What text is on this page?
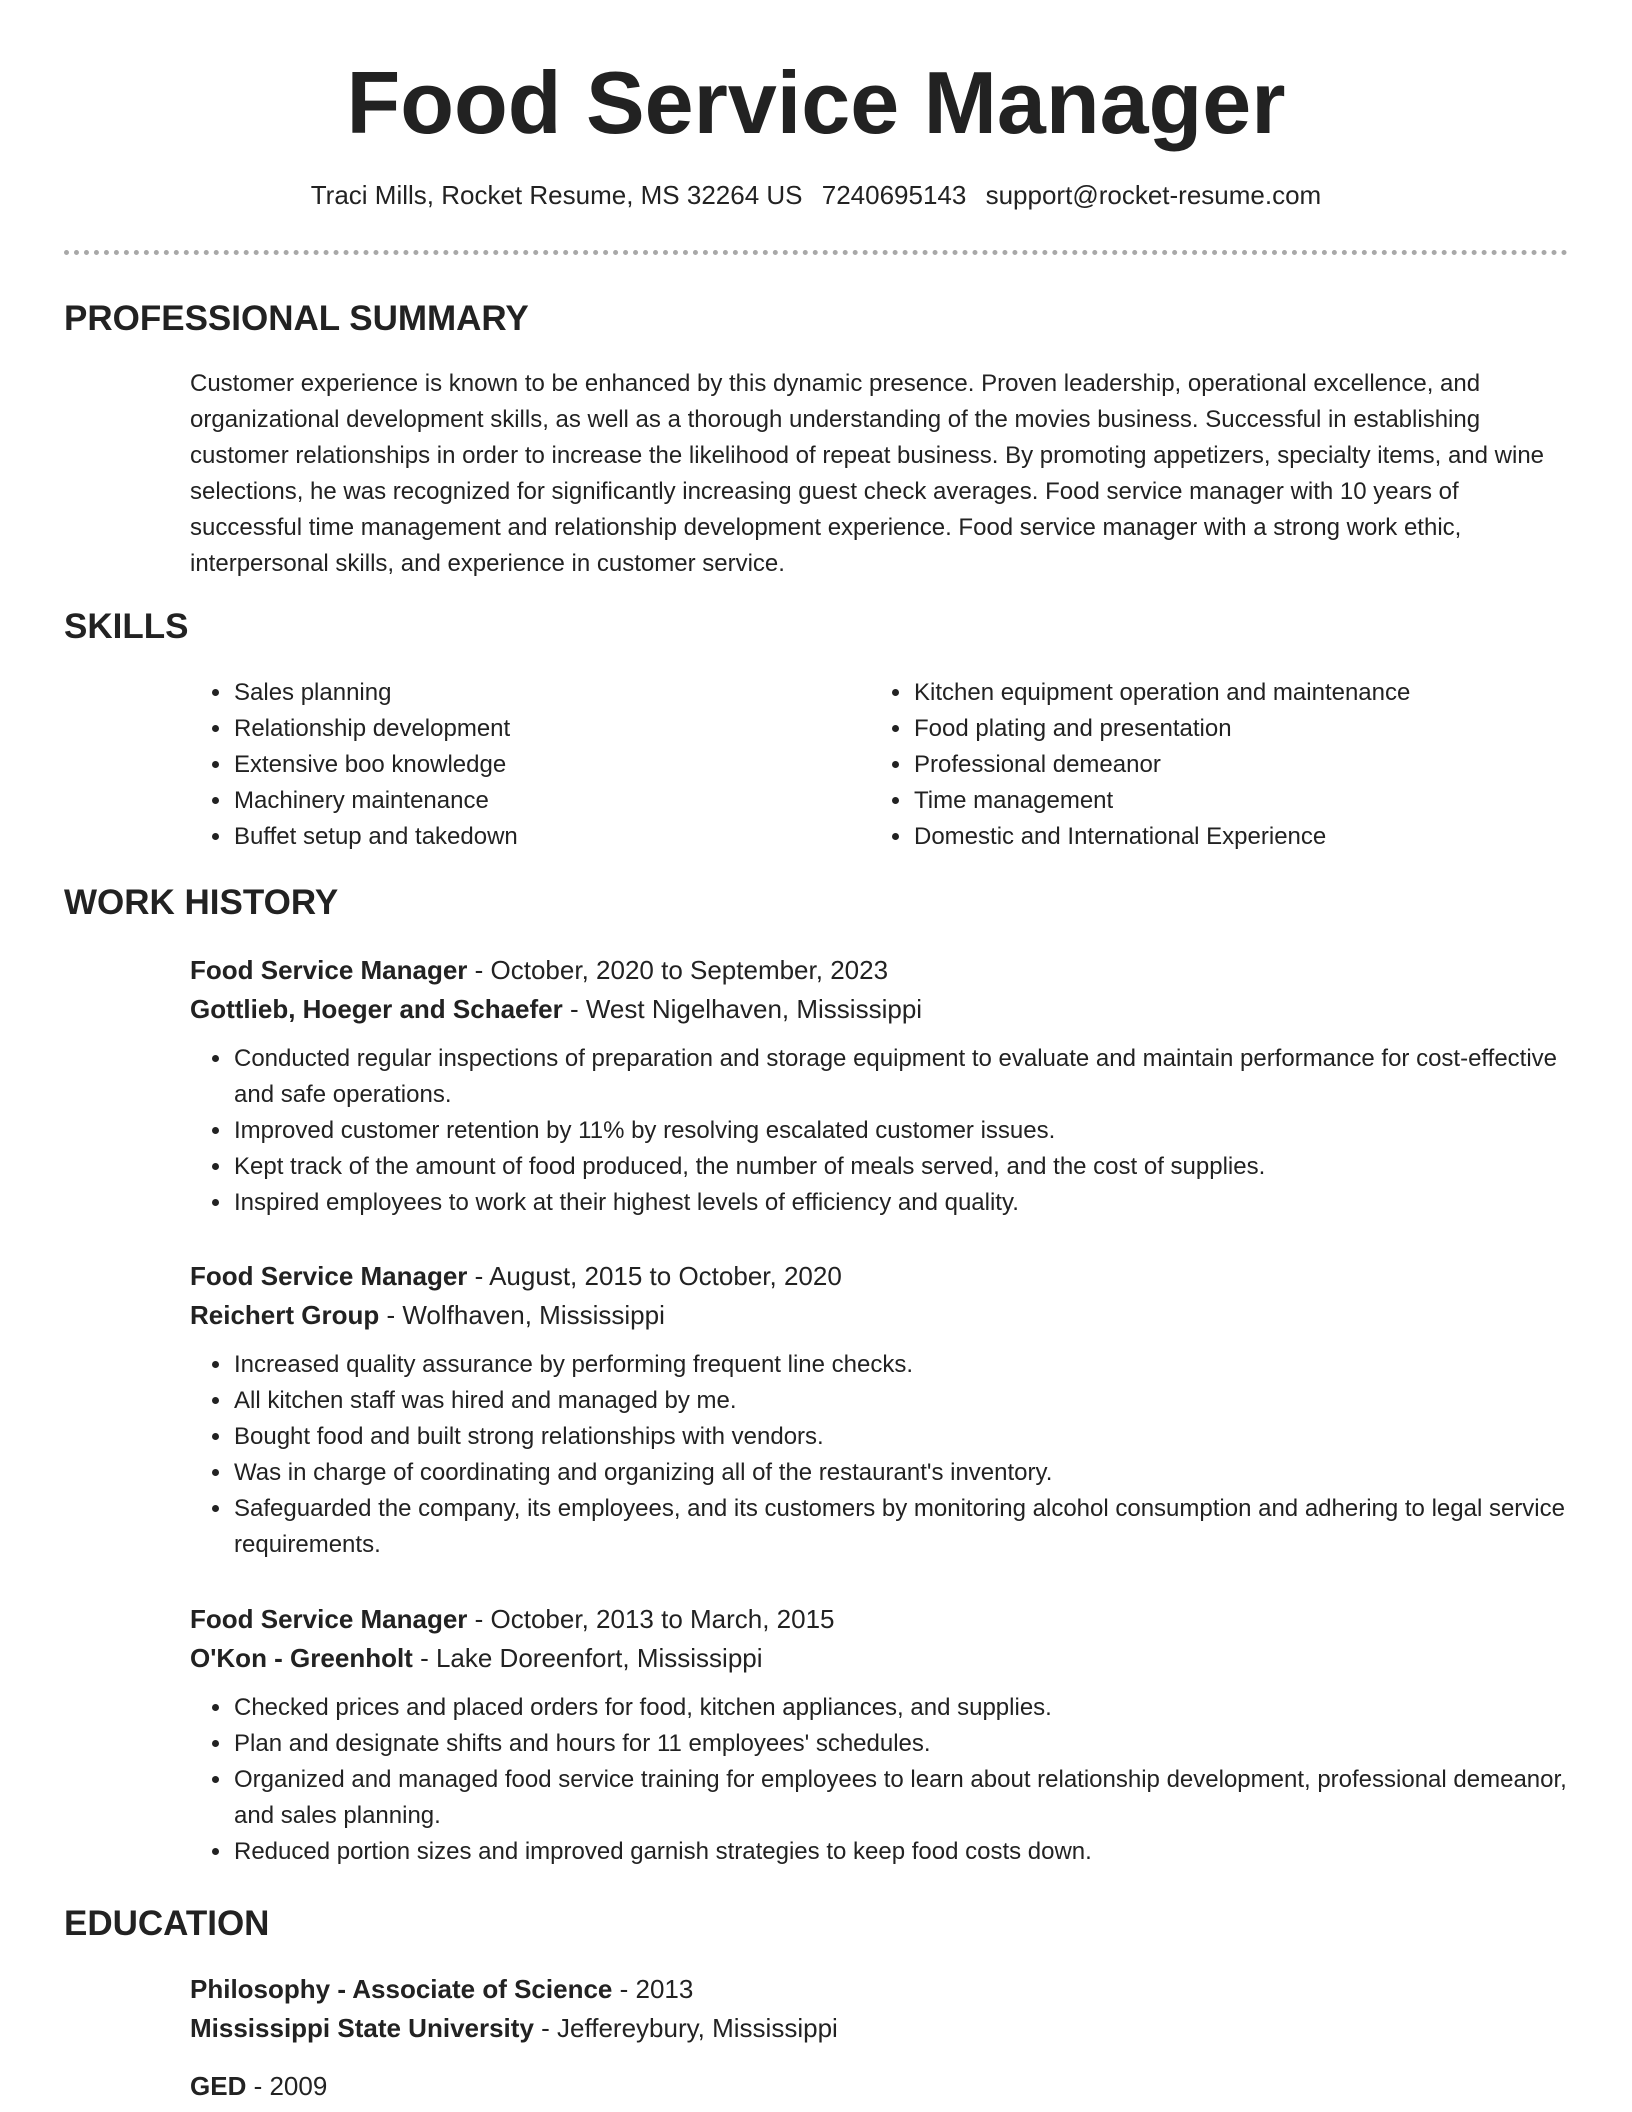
Food Service Manager
Traci Mills, Rocket Resume, MS 32264 US 7240695143 support@rocket-resume.com
PROFESSIONAL SUMMARY

Customer experience is known to be enhanced by this dynamic presence. Proven leadership, operational excellence, and organizational development skills, as well as a thorough understanding of the movies business. Successful in establishing customer relationships in order to increase the likelihood of repeat business. By promoting appetizers, specialty items, and wine selections, he was recognized for significantly increasing guest check averages. Food service manager with 10 years of successful time management and relationship development experience. Food service manager with a strong work ethic, interpersonal skills, and experience in customer service.

SKILLS
• Sales planning
• Relationship development
• Extensive boo knowledge
• Machinery maintenance
• Buffet setup and takedown
• Kitchen equipment operation and maintenance
• Food plating and presentation
• Professional demeanor
• Time management
• Domestic and International Experience
WORK HISTORY
Food Service Manager - October, 2020 to September, 2023
Gottlieb, Hoeger and Schaefer - West Nigelhaven, Mississippi
• Conducted regular inspections of preparation and storage equipment to evaluate and maintain performance for cost-effective and safe operations.
• Improved customer retention by 11% by resolving escalated customer issues.
• Kept track of the amount of food produced, the number of meals served, and the cost of supplies.
• Inspired employees to work at their highest levels of efficiency and quality.
Food Service Manager - August, 2015 to October, 2020
Reichert Group - Wolfhaven, Mississippi
• Increased quality assurance by performing frequent line checks.
• All kitchen staff was hired and managed by me.
• Bought food and built strong relationships with vendors.
• Was in charge of coordinating and organizing all of the restaurant's inventory.
• Safeguarded the company, its employees, and its customers by monitoring alcohol consumption and adhering to legal service requirements.
Food Service Manager - October, 2013 to March, 2015
O'Kon - Greenholt - Lake Doreenfort, Mississippi
• Checked prices and placed orders for food, kitchen appliances, and supplies.
• Plan and designate shifts and hours for 11 employees' schedules.
• Organized and managed food service training for employees to learn about relationship development, professional demeanor, and sales planning.
• Reduced portion sizes and improved garnish strategies to keep food costs down.
EDUCATION
Philosophy - Associate of Science - 2013
Mississippi State University - Jeffereybury, Mississippi
GED - 2009
